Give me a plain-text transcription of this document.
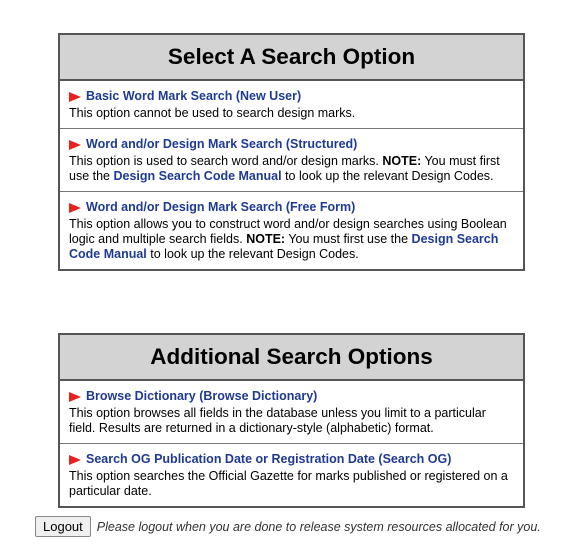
Select A Search Option
Basic Word Mark Search (New User)
This option cannot be used to search design marks.
Word and/or Design Mark Search (Structured)
This option is used to search word and/or design marks. NOTE: You must first use the Design Search Code Manual to look up the relevant Design Codes.
Word and/or Design Mark Search (Free Form)
This option allows you to construct word and/or design searches using Boolean logic and multiple search fields. NOTE: You must first use the Design Search Code Manual to look up the relevant Design Codes.
Additional Search Options
Browse Dictionary (Browse Dictionary)
This option browses all fields in the database unless you limit to a particular field. Results are returned in a dictionary-style (alphabetic) format.
Search OG Publication Date or Registration Date (Search OG)
This option searches the Official Gazette for marks published or registered on a particular date.
Logout	Please logout when you are done to release system resources allocated for you.
